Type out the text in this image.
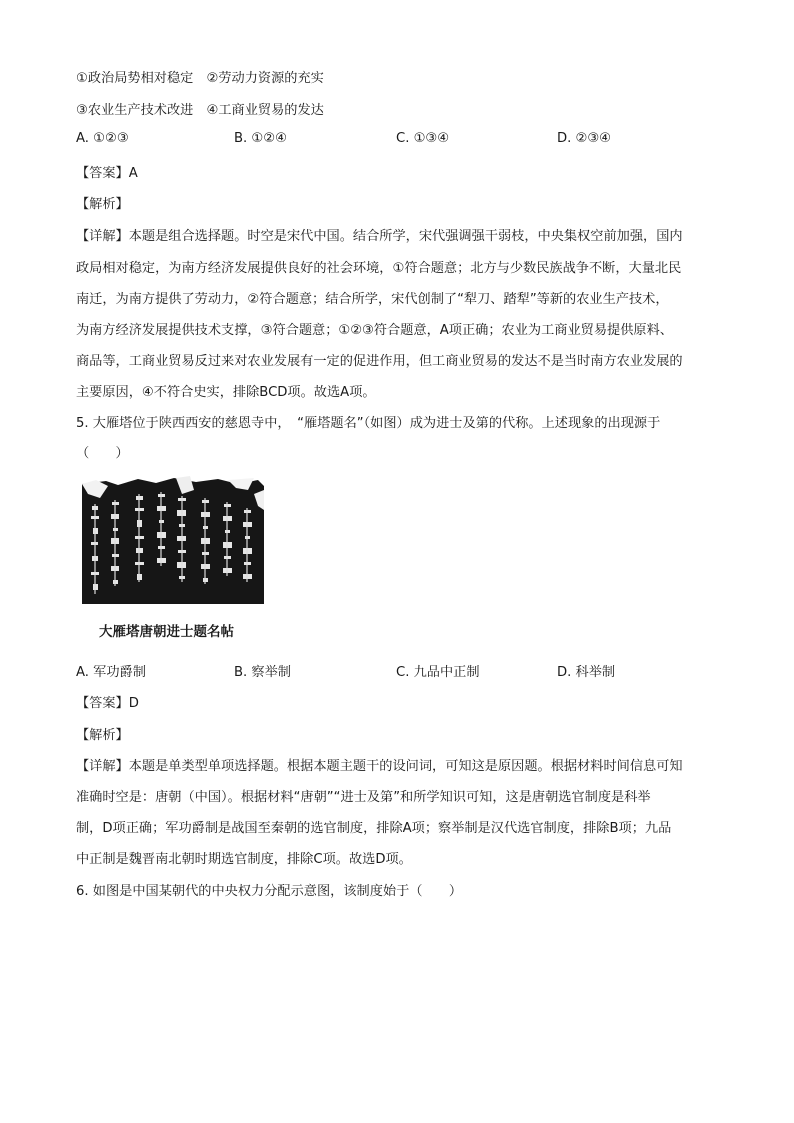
①政治局势相对稳定　②劳动力资源的充实
③农业生产技术改进　④工商业贸易的发达
A. ①②③	B. ①②④	C. ①③④	D. ②③④
【答案】A
【解析】
【详解】本题是组合选择题。时空是宋代中国。结合所学，宋代强调强干弱枝，中央集权空前加强，国内
政局相对稳定，为南方经济发展提供良好的社会环境，①符合题意；北方与少数民族战争不断，大量北民
南迁，为南方提供了劳动力，②符合题意；结合所学，宋代创制了“犁刀、踏犁”等新的农业生产技术，
为南方经济发展提供技术支撑，③符合题意；①②③符合题意，A项正确；农业为工商业贸易提供原料、
商品等，工商业贸易反过来对农业发展有一定的促进作用，但工商业贸易的发达不是当时南方农业发展的
主要原因，④不符合史实，排除BCD项。故选A项。
5. 大雁塔位于陕西西安的慈恩寺中，　“雁塔题名”（如图）成为进士及第的代称。上述现象的出现源于
（　　）
大雁塔唐朝进士题名帖
A. 军功爵制	B. 察举制	C. 九品中正制	D. 科举制
【答案】D
【解析】
【详解】本题是单类型单项选择题。根据本题主题干的设问词，可知这是原因题。根据材料时间信息可知
准确时空是：唐朝（中国）。根据材料“唐朝”“进士及第”和所学知识可知，这是唐朝选官制度是科举
制，D项正确；军功爵制是战国至秦朝的选官制度，排除A项；察举制是汉代选官制度，排除B项；九品
中正制是魏晋南北朝时期选官制度，排除C项。故选D项。
6. 如图是中国某朝代的中央权力分配示意图，该制度始于（　　）
